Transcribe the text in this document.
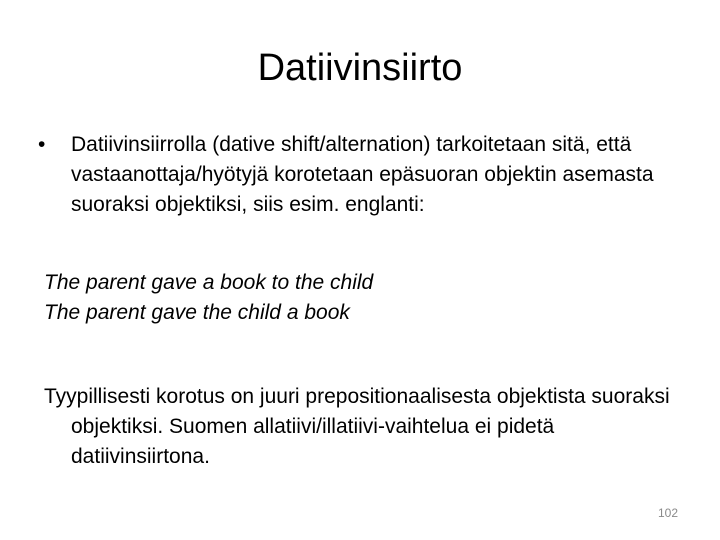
Datiivinsiirto
•	Datiivinsiirrolla (dative shift/alternation) tarkoitetaan sitä, että vastaanottaja/hyötyjä korotetaan epäsuoran objektin asemasta suoraksi objektiksi, siis esim. englanti:
The parent gave a book to the child
The parent gave the child a book
Tyypillisesti korotus on juuri prepositionaalisesta objektista suoraksi objektiksi. Suomen allatiivi/illatiivi-vaihtelua ei pidetä datiivinsiirtona.
102
